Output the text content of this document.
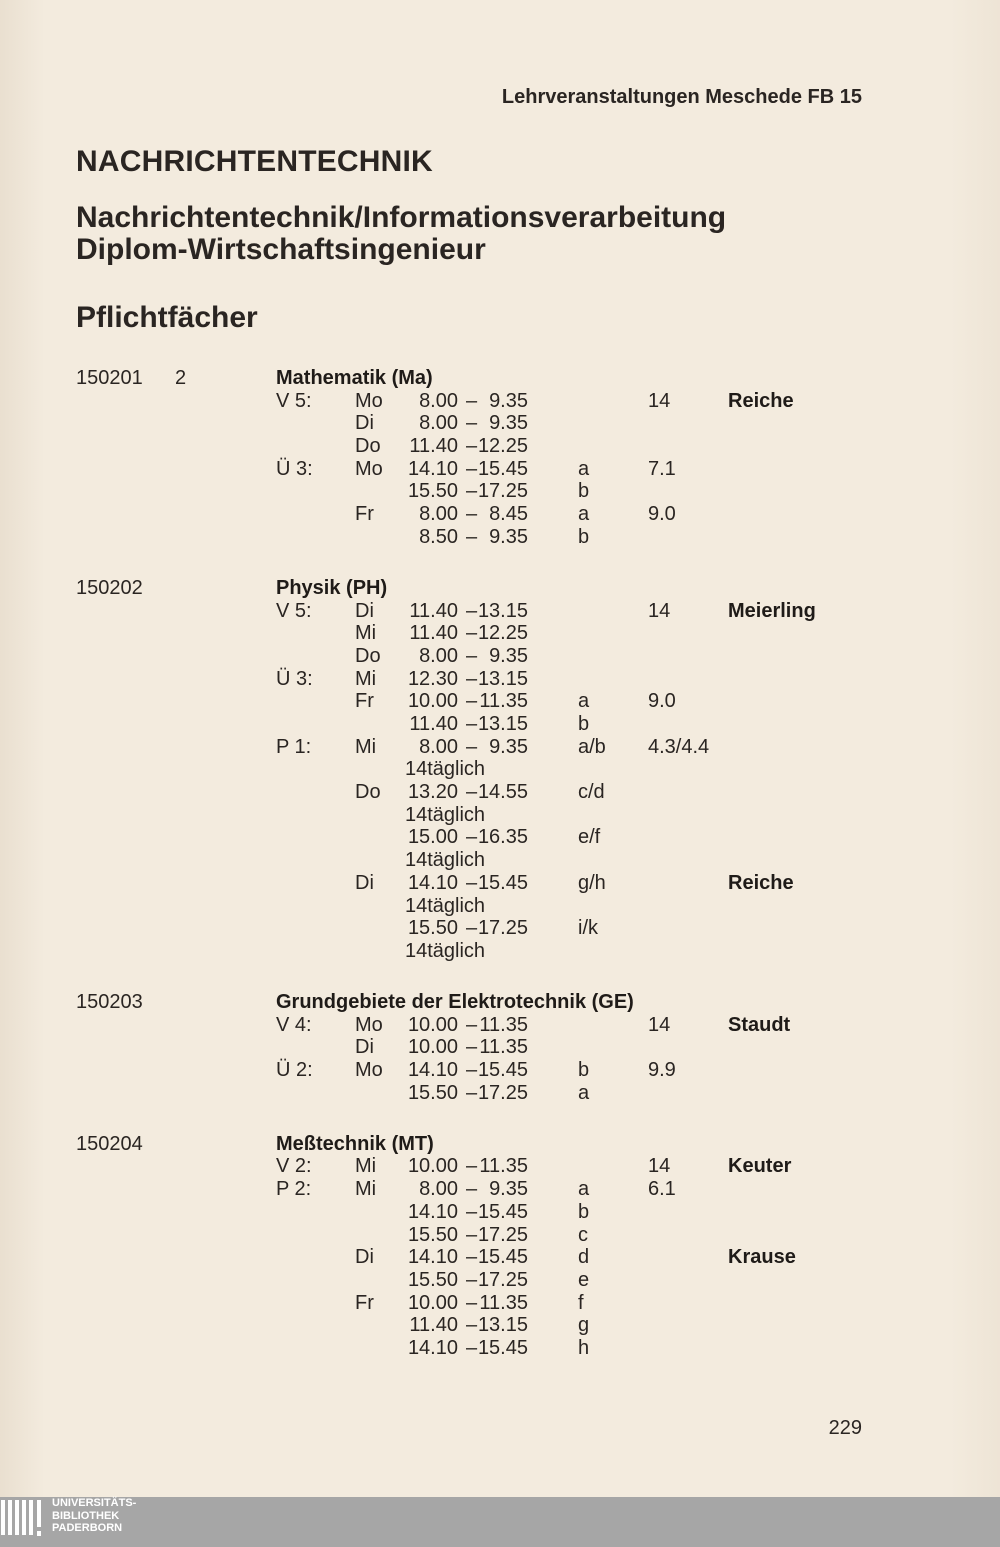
Lehrveranstaltungen Meschede FB 15
NACHRICHTENTECHNIK
Nachrichtentechnik/Informationsverarbeitung
Diplom-Wirtschaftsingenieur
Pflichtfächer
150201 2	Mathematik (Ma)
V 5: Mo 8.00 – 9.35	14	Reiche
Di 8.00 – 9.35
Do 11.40 – 12.25
Ü 3: Mo 14.10 – 15.45	a	7.1
15.50 – 17.25	b
Fr 8.00 – 8.45	a	9.0
8.50 – 9.35	b
150202	Physik (PH)
V 5: Di 11.40 – 13.15	14	Meierling
Mi 11.40 – 12.25
Do 8.00 – 9.35
Ü 3: Mi 12.30 – 13.15
Fr 10.00 – 11.35	a	9.0
11.40 – 13.15	b
P 1: Mi 8.00 – 9.35	a/b 4.3/4.4
14täglich
Do 13.20 – 14.55	c/d
14täglich
15.00 – 16.35	e/f
14täglich
Di 14.10 – 15.45	g/h	Reiche
14täglich
15.50 – 17.25	i/k
14täglich
150203	Grundgebiete der Elektrotechnik (GE)
V 4: Mo 10.00 – 11.35	14	Staudt
Di 10.00 – 11.35
Ü 2: Mo 14.10 – 15.45	b	9.9
15.50 – 17.25	a
150204	Meßtechnik (MT)
V 2: Mi 10.00 – 11.35	14	Keuter
P 2: Mi 8.00 – 9.35	a	6.1
14.10 – 15.45	b
15.50 – 17.25	c
Di 14.10 – 15.45	d	Krause
15.50 – 17.25	e
Fr 10.00 – 11.35	f
11.40 – 13.15	g
14.10 – 15.45	h
229
UNIVERSITÄTS-
BIBLIOTHEK
PADERBORN
